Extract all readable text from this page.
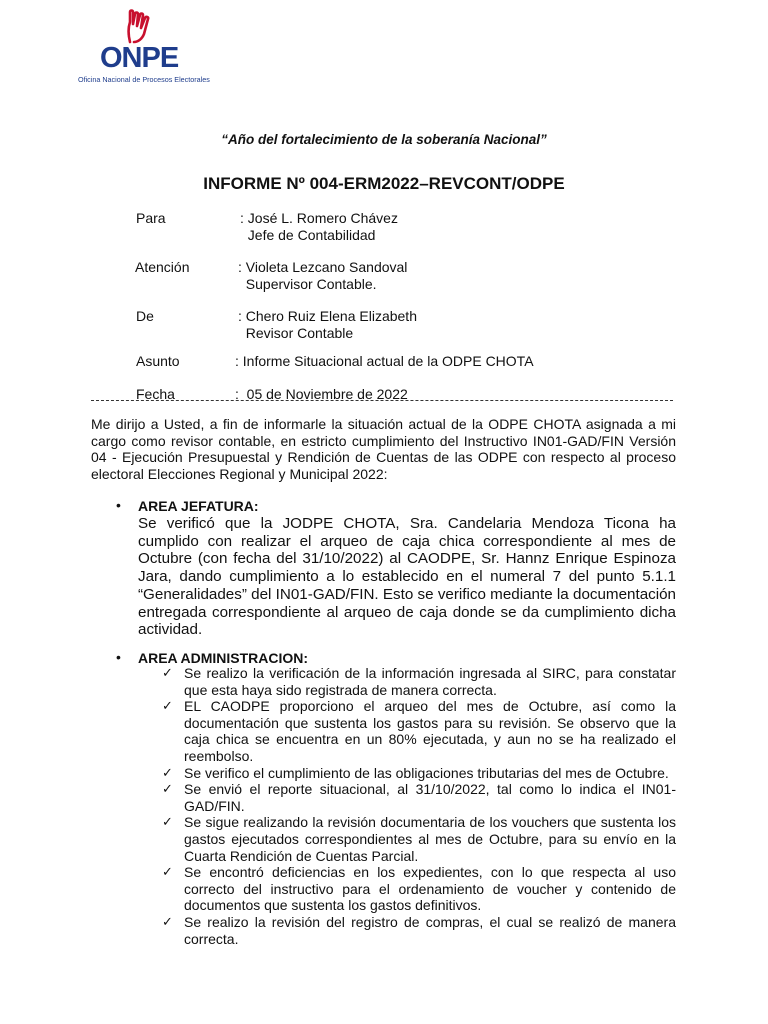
ONPE
Oficina Nacional de Procesos Electorales
“Año del fortalecimiento de la soberanía Nacional”
INFORME Nº 004-ERM2022–REVCONT/ODPE
Para	: José L. Romero Chávez
Jefe de Contabilidad
Atención	: Violeta Lezcano Sandoval
Supervisor Contable.
De	: Chero Ruiz Elena Elizabeth
Revisor Contable
Asunto	: Informe Situacional actual de la ODPE CHOTA
Fecha	:  05 de Noviembre de 2022
Me dirijo a Usted, a fin de informarle la situación actual de la ODPE CHOTA asignada a mi cargo como revisor contable, en estricto cumplimiento del Instructivo IN01-GAD/FIN Versión 04 - Ejecución Presupuestal y Rendición de Cuentas de las ODPE con respecto al proceso electoral Elecciones Regional y Municipal 2022:
• AREA JEFATURA:
Se verificó que la JODPE CHOTA, Sra. Candelaria Mendoza Ticona ha cumplido con realizar el arqueo de caja chica correspondiente al mes de Octubre (con fecha del 31/10/2022) al CAODPE, Sr. Hannz Enrique Espinoza Jara, dando cumplimiento a lo establecido en el numeral 7 del punto 5.1.1 “Generalidades” del IN01-GAD/FIN. Esto se verifico mediante la documentación entregada correspondiente al arqueo de caja donde se da cumplimiento dicha actividad.
• AREA ADMINISTRACION:
✓ Se realizo la verificación de la información ingresada al SIRC, para constatar que esta haya sido registrada de manera correcta.
✓ EL CAODPE proporciono el arqueo del mes de Octubre, así como la documentación que sustenta los gastos para su revisión. Se observo que la caja chica se encuentra en un 80% ejecutada, y aun no se ha realizado el reembolso.
✓ Se verifico el cumplimiento de las obligaciones tributarias del mes de Octubre.
✓ Se envió el reporte situacional, al 31/10/2022, tal como lo indica el IN01-GAD/FIN.
✓ Se sigue realizando la revisión documentaria de los vouchers que sustenta los gastos ejecutados correspondientes al mes de Octubre, para su envío en la Cuarta Rendición de Cuentas Parcial.
✓ Se encontró deficiencias en los expedientes, con lo que respecta al uso correcto del instructivo para el ordenamiento de voucher y contenido de documentos que sustenta los gastos definitivos.
✓ Se realizo la revisión del registro de compras, el cual se realizó de manera correcta.
